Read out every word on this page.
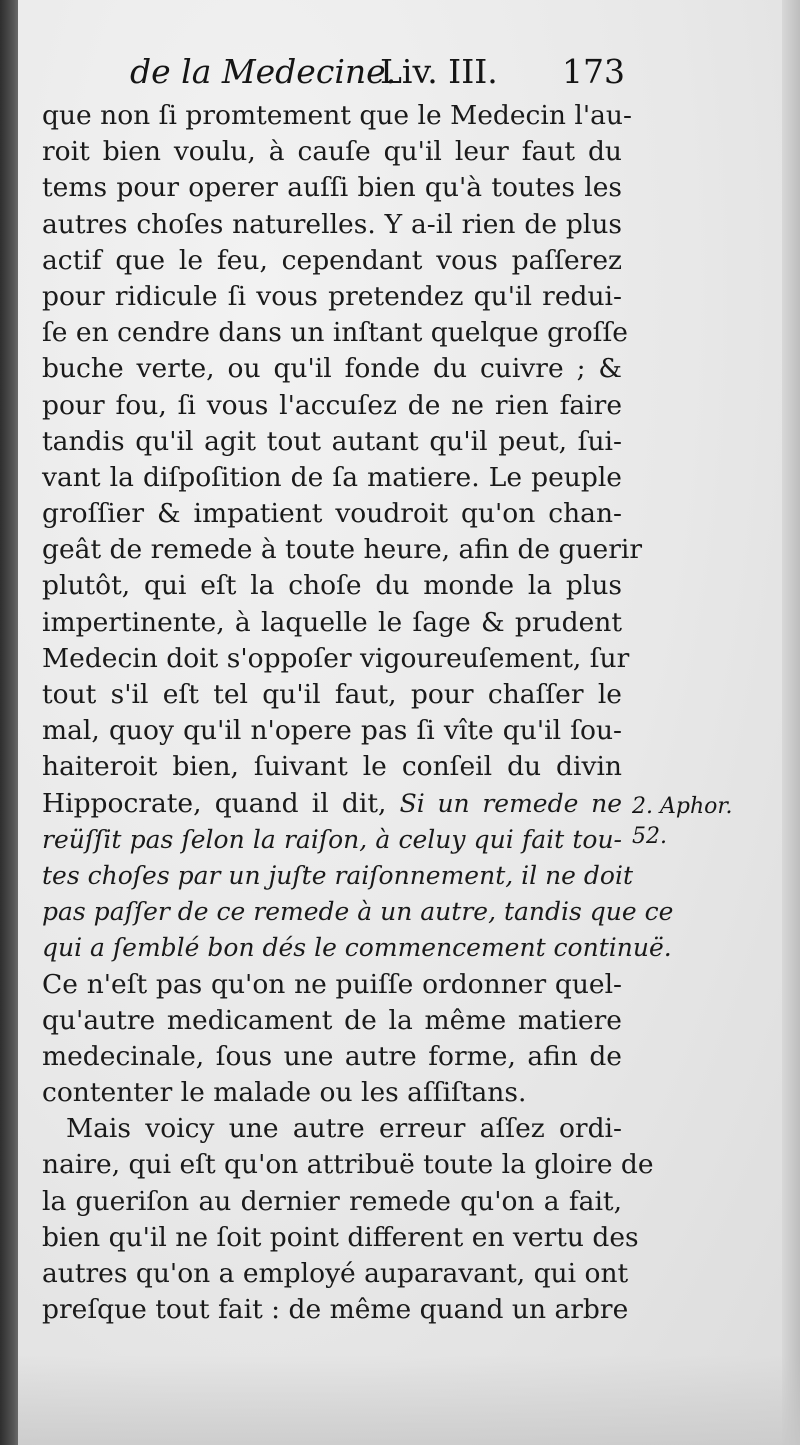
de la Medecine.
Liv. III. 173
que non ſi promtement que le Medecin l'au-
roit bien voulu, à cauſe qu'il leur faut du
tems pour operer auſſi bien qu'à toutes les
autres choſes naturelles. Y a-il rien de plus
actif que le feu, cependant vous paſſerez
pour ridicule ſi vous pretendez qu'il redui-
ſe en cendre dans un inſtant quelque groſſe
buche verte, ou qu'il fonde du cuivre ; &
pour fou, ſi vous l'accuſez de ne rien faire
tandis qu'il agit tout autant qu'il peut, ſui-
vant la diſpoſition de ſa matiere. Le peuple
groſſier & impatient voudroit qu'on chan-
geât de remede à toute heure, afin de guerir
plutôt, qui eſt la choſe du monde la plus
impertinente, à laquelle le ſage & prudent
Medecin doit s'oppoſer vigoureuſement, ſur
tout s'il eſt tel qu'il faut, pour chaſſer le
mal, quoy qu'il n'opere pas ſi vîte qu'il ſou-
haiteroit bien, ſuivant le conſeil du divin
Hippocrate, quand il dit, Si un remede ne
reüſſit pas ſelon la raiſon, à celuy qui fait tou-
tes choſes par un juſte raiſonnement, il ne doit
pas paſſer de ce remede à un autre, tandis que ce
qui a ſemblé bon dés le commencement continuë.
Ce n'eſt pas qu'on ne puiſſe ordonner quel-
qu'autre medicament de la même matiere
medecinale, ſous une autre forme, afin de
contenter le malade ou les aſſiſtans.
Mais voicy une autre erreur aſſez ordi-
naire, qui eſt qu'on attribuë toute la gloire de
la gueriſon au dernier remede qu'on a fait,
bien qu'il ne ſoit point different en vertu des
autres qu'on a employé auparavant, qui ont
preſque tout fait : de même quand un arbre
2. Aphor.
52.
